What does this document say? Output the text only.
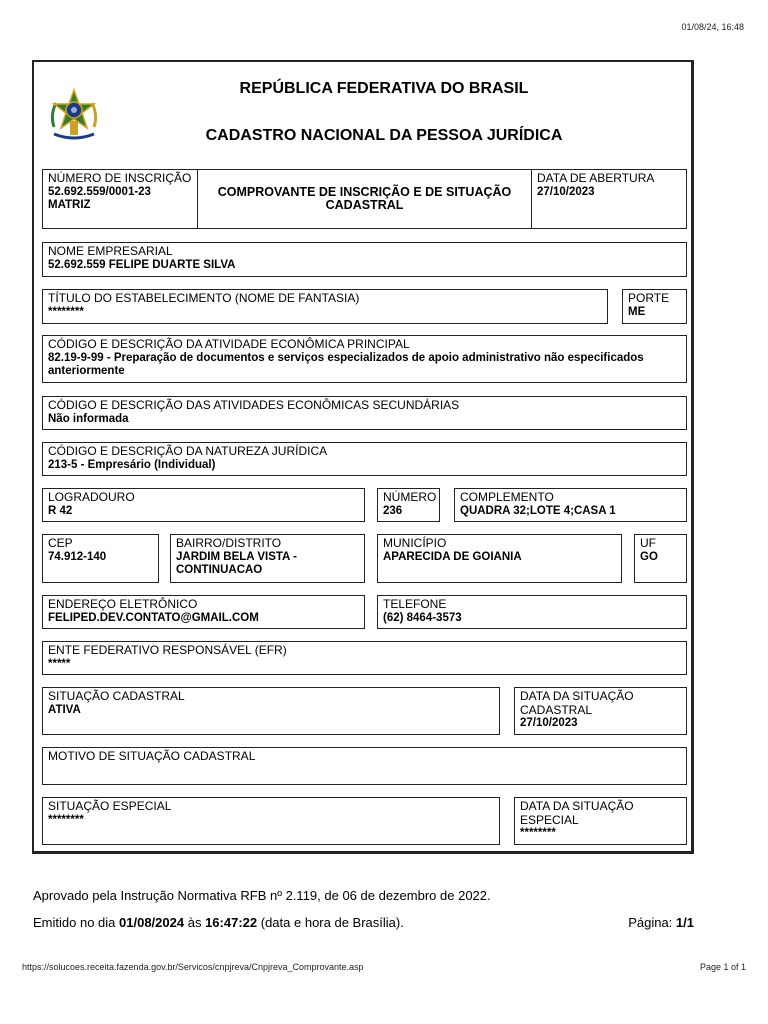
01/08/24, 16:48
REPÚBLICA FEDERATIVA DO BRASIL
CADASTRO NACIONAL DA PESSOA JURÍDICA
NÚMERO DE INSCRIÇÃO
52.692.559/0001-23
MATRIZ
COMPROVANTE DE INSCRIÇÃO E DE SITUAÇÃO CADASTRAL
DATA DE ABERTURA
27/10/2023
NOME EMPRESARIAL
52.692.559 FELIPE DUARTE SILVA
TÍTULO DO ESTABELECIMENTO (NOME DE FANTASIA)
********
PORTE
ME
CÓDIGO E DESCRIÇÃO DA ATIVIDADE ECONÔMICA PRINCIPAL
82.19-9-99 - Preparação de documentos e serviços especializados de apoio administrativo não especificados anteriormente
CÓDIGO E DESCRIÇÃO DAS ATIVIDADES ECONÔMICAS SECUNDÁRIAS
Não informada
CÓDIGO E DESCRIÇÃO DA NATUREZA JURÍDICA
213-5 - Empresário (Individual)
LOGRADOURO
R 42
NÚMERO
236
COMPLEMENTO
QUADRA 32;LOTE 4;CASA 1
CEP
74.912-140
BAIRRO/DISTRITO
JARDIM BELA VISTA - CONTINUACAO
MUNICÍPIO
APARECIDA DE GOIANIA
UF
GO
ENDEREÇO ELETRÔNICO
FELIPED.DEV.CONTATO@GMAIL.COM
TELEFONE
(62) 8464-3573
ENTE FEDERATIVO RESPONSÁVEL (EFR)
*****
SITUAÇÃO CADASTRAL
ATIVA
DATA DA SITUAÇÃO CADASTRAL
27/10/2023
MOTIVO DE SITUAÇÃO CADASTRAL
SITUAÇÃO ESPECIAL
********
DATA DA SITUAÇÃO ESPECIAL
********
Aprovado pela Instrução Normativa RFB nº 2.119, de 06 de dezembro de 2022.
Emitido no dia 01/08/2024 às 16:47:22 (data e hora de Brasília).	Página: 1/1
https://solucoes.receita.fazenda.gov.br/Servicos/cnpjreva/Cnpjreva_Comprovante.asp	Page 1 of 1
